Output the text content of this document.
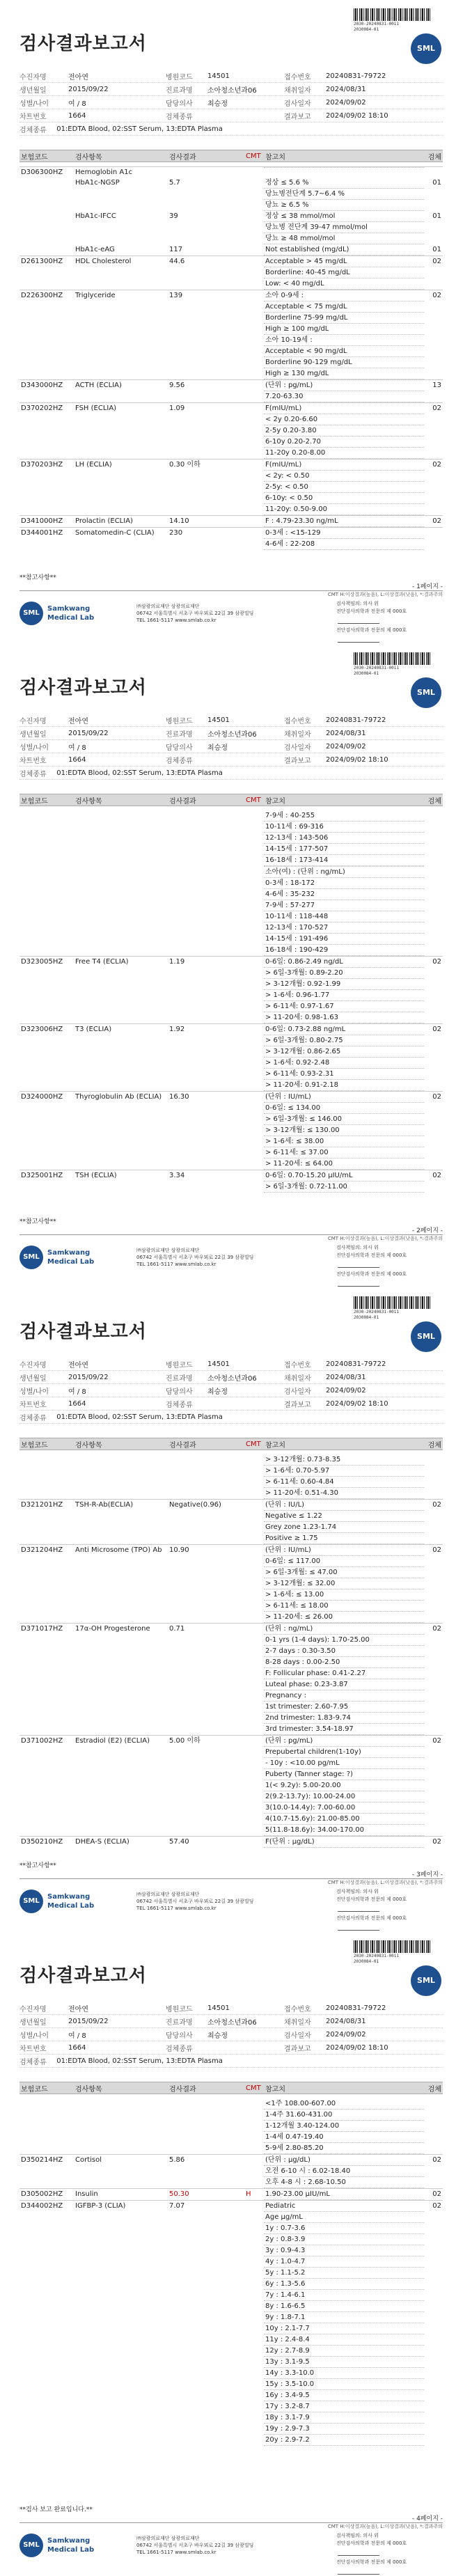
검사결과보고서
2030-20240831-0011
2030084-01
SML
수진자명	전아연	병원코드	14501	접수번호	20240831-79722
생년월일	2015/09/22	진료과명	소아청소년과06	채취일자	2024/08/31
성별/나이	여 / 8	담당의사	최승정	검사일자	2024/09/02
차트번호	1664	검체종류	결과보고	2024/09/02 18:10
검체종류	01:EDTA Blood, 02:SST Serum, 13:EDTA Plasma
보험코드	검사항목	검사결과	CMT 참고치	검체
D306300HZ	Hemoglobin A1c
HbA1c-NGSP	5.7	정상 ≤ 5.6 %	01
당뇨병전단계 5.7~6.4 %
당뇨 ≥ 6.5 %
HbA1c-IFCC	39	정상 ≤ 38 mmol/mol	01
당뇨병 전단계 39-47 mmol/mol
당뇨 ≥ 48 mmol/mol
HbA1c-eAG	117	Not established (mg/dL)	01
D261300HZ	HDL Cholesterol	44.6	Acceptable > 45 mg/dL	02
Borderline: 40-45 mg/dL
Low: < 40 mg/dL
D226300HZ	Triglyceride	139	소아 0-9세 :	02
Acceptable < 75 mg/dL
Borderline 75-99 mg/dL
High ≥ 100 mg/dL
소아 10-19세 :
Acceptable < 90 mg/dL
Borderline 90-129 mg/dL
High ≥ 130 mg/dL
D343000HZ	ACTH (ECLIA)	9.56	(단위 : pg/mL)	13
7.20-63.30
D370202HZ	FSH (ECLIA)	1.09	F(mIU/mL)	02
< 2y 0.20-6.60
2-5y 0.20-3.80
6-10y 0.20-2.70
11-20y 0.20-8.00
D370203HZ	LH (ECLIA)	0.30 이하	F(mIU/mL)	02
< 2y: < 0.50
2-5y: < 0.50
6-10y: < 0.50
11-20y: 0.50-9.00
D341000HZ	Prolactin (ECLIA)	14.10	F : 4.79-23.30 ng/mL	02
D344001HZ	Somatomedin-C (CLIA)	230	0-3세 : <15-129
4-6세 : 22-208
**참고사항**
- 1페이지 -
CMT H:이상결과(높음), L:이상결과(낮음), *:결과주의
SML
Samkwang
Medical Lab
㈜삼광의료재단 삼광의료재단
06742 서울특별시 서초구 바우뫼로 22길 39 삼광빌딩
TEL 1661-5117 www.smlab.co.kr
검사책임의: 의사 위
진단검사의학과 전문의 제 000호
진단검사의학과 전문의 제 000호
검사결과보고서
2030-20240831-0011
2030084-01
SML
수진자명	전아연	병원코드	14501	접수번호	20240831-79722
생년월일	2015/09/22	진료과명	소아청소년과06	채취일자	2024/08/31
성별/나이	여 / 8	담당의사	최승정	검사일자	2024/09/02
차트번호	1664	검체종류	결과보고	2024/09/02 18:10
검체종류	01:EDTA Blood, 02:SST Serum, 13:EDTA Plasma
보험코드	검사항목	검사결과	CMT 참고치	검체
7-9세 : 40-255
10-11세 : 69-316
12-13세 : 143-506
14-15세 : 177-507
16-18세 : 173-414
소아(여) : (단위 : ng/mL)
0-3세 : 18-172
4-6세 : 35-232
7-9세 : 57-277
10-11세 : 118-448
12-13세 : 170-527
14-15세 : 191-496
16-18세 : 190-429
D323005HZ	Free T4 (ECLIA)	1.19	0-6일: 0.86-2.49 ng/dL	02
> 6일-3개월: 0.89-2.20
> 3-12개월: 0.92-1.99
> 1-6세: 0.96-1.77
> 6-11세: 0.97-1.67
> 11-20세: 0.98-1.63
D323006HZ	T3 (ECLIA)	1.92	0-6일: 0.73-2.88 ng/mL	02
> 6일-3개월: 0.80-2.75
> 3-12개월: 0.86-2.65
> 1-6세: 0.92-2.48
> 6-11세: 0.93-2.31
> 11-20세: 0.91-2.18
D324000HZ	Thyroglobulin Ab (ECLIA)	16.30	(단위 : IU/mL)	02
0-6일: ≤ 134.00
> 6일-3개월: ≤ 146.00
> 3-12개월: ≤ 130.00
> 1-6세: ≤ 38.00
> 6-11세: ≤ 37.00
> 11-20세: ≤ 64.00
D325001HZ	TSH (ECLIA)	3.34	0-6일: 0.70-15.20 μIU/mL	02
> 6일-3개월: 0.72-11.00
**참고사항**
- 2페이지 -
CMT H:이상결과(높음), L:이상결과(낮음), *:결과주의
SML
Samkwang
Medical Lab
㈜삼광의료재단 삼광의료재단
06742 서울특별시 서초구 바우뫼로 22길 39 삼광빌딩
TEL 1661-5117 www.smlab.co.kr
검사책임의: 의사 위
진단검사의학과 전문의 제 000호
진단검사의학과 전문의 제 000호
검사결과보고서
2030-20240831-0011
2030084-01
SML
수진자명	전아연	병원코드	14501	접수번호	20240831-79722
생년월일	2015/09/22	진료과명	소아청소년과06	채취일자	2024/08/31
성별/나이	여 / 8	담당의사	최승정	검사일자	2024/09/02
차트번호	1664	검체종류	결과보고	2024/09/02 18:10
검체종류	01:EDTA Blood, 02:SST Serum, 13:EDTA Plasma
보험코드	검사항목	검사결과	CMT 참고치	검체
> 3-12개월: 0.73-8.35
> 1-6세: 0.70-5.97
> 6-11세: 0.60-4.84
> 11-20세: 0.51-4.30
D321201HZ	TSH-R-Ab(ECLIA)	Negative(0.96)	(단위 : IU/L)	02
Negative ≤ 1.22
Grey zone 1.23-1.74
Positive ≥ 1.75
D321204HZ	Anti Microsome (TPO) Ab	10.90	(단위 : IU/mL)	02
0-6일: ≤ 117.00
> 6일-3개월: ≤ 47.00
> 3-12개월: ≤ 32.00
> 1-6세: ≤ 13.00
> 6-11세: ≤ 18.00
> 11-20세: ≤ 26.00
D371017HZ	17α-OH Progesterone	0.71	(단위 : ng/mL)	02
0-1 yrs (1-4 days): 1.70-25.00
2-7 days : 0.30-3.50
8-28 days : 0.00-2.50
F: Follicular phase: 0.41-2.27
Luteal phase: 0.23-3.87
Pregnancy :
1st trimester: 2.60-7.95
2nd trimester: 1.83-9.74
3rd trimester: 3.54-18.97
D371002HZ	Estradiol (E2) (ECLIA)	5.00 이하	(단위 : pg/mL)	02
Prepubertal children(1-10y)
- 10y : <10.00 pg/mL
Puberty (Tanner stage: ?)
1(< 9.2y): 5.00-20.00
2(9.2-13.7y): 10.00-24.00
3(10.0-14.4y): 7.00-60.00
4(10.7-15.6y): 21.00-85.00
5(11.8-18.6y): 34.00-170.00
D350210HZ	DHEA-S (ECLIA)	57.40	F(단위 : μg/dL)	02
**참고사항**
- 3페이지 -
CMT H:이상결과(높음), L:이상결과(낮음), *:결과주의
SML
Samkwang
Medical Lab
㈜삼광의료재단 삼광의료재단
06742 서울특별시 서초구 바우뫼로 22길 39 삼광빌딩
TEL 1661-5117 www.smlab.co.kr
검사책임의: 의사 위
진단검사의학과 전문의 제 000호
진단검사의학과 전문의 제 000호
검사결과보고서
2030-20240831-0011
2030084-01
SML
수진자명	전아연	병원코드	14501	접수번호	20240831-79722
생년월일	2015/09/22	진료과명	소아청소년과06	채취일자	2024/08/31
성별/나이	여 / 8	담당의사	최승정	검사일자	2024/09/02
차트번호	1664	검체종류	결과보고	2024/09/02 18:10
검체종류	01:EDTA Blood, 02:SST Serum, 13:EDTA Plasma
보험코드	검사항목	검사결과	CMT 참고치	검체
<1주 108.00-607.00
1-4주 31.60-431.00
1-12개월 3.40-124.00
1-4세 0.47-19.40
5-9세 2.80-85.20
D350214HZ	Cortisol	5.86	(단위 : μg/dL)	02
오전 6-10 시 : 6.02-18.40
오후 4-8 시 : 2.68-10.50
D305002HZ	Insulin	50.30	H	1.90-23.00 μIU/mL	02
D344002HZ	IGFBP-3 (CLIA)	7.07	Pediatric	02
Age μg/mL
1y : 0.7-3.6
2y : 0.8-3.9
3y : 0.9-4.3
4y : 1.0-4.7
5y : 1.1-5.2
6y : 1.3-5.6
7y : 1.4-6.1
8y : 1.6-6.5
9y : 1.8-7.1
10y : 2.1-7.7
11y : 2.4-8.4
12y : 2.7-8.9
13y : 3.1-9.5
14y : 3.3-10.0
15y : 3.5-10.0
16y : 3.4-9.5
17y : 3.2-8.7
18y : 3.1-7.9
19y : 2.9-7.3
20y : 2.9-7.2
**검사 보고 완료입니다.**
- 4페이지 -
CMT H:이상결과(높음), L:이상결과(낮음), *:결과주의
SML
Samkwang
Medical Lab
㈜삼광의료재단 삼광의료재단
06742 서울특별시 서초구 바우뫼로 22길 39 삼광빌딩
TEL 1661-5117 www.smlab.co.kr
검사책임의: 의사 위
진단검사의학과 전문의 제 000호
진단검사의학과 전문의 제 000호
